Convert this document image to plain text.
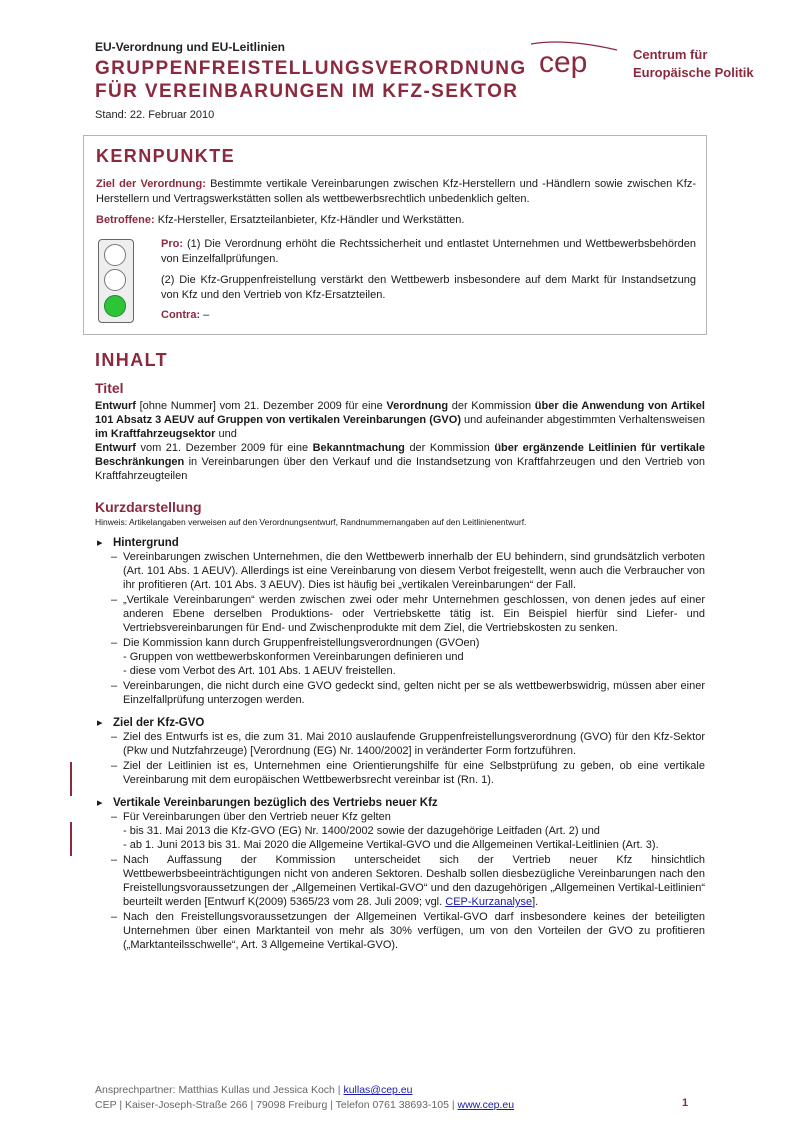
EU-Verordnung und EU-Leitlinien
GRUPPENFREISTELLUNGSVERORDNUNG
FÜR VEREINBARUNGEN IM KFZ-SEKTOR
Stand: 22. Februar 2010
cep	Centrum für
Europäische Politik
KERNPUNKTE
Ziel der Verordnung: Bestimmte vertikale Vereinbarungen zwischen Kfz-Herstellern und -Händlern sowie zwischen Kfz-Herstellern und Vertragswerkstätten sollen als wettbewerbsrechtlich unbedenklich gelten.
Betroffene: Kfz-Hersteller, Ersatzteilanbieter, Kfz-Händler und Werkstätten.
Pro: (1) Die Verordnung erhöht die Rechtssicherheit und entlastet Unternehmen und Wettbewerbsbehörden von Einzelfallprüfungen.
(2) Die Kfz-Gruppenfreistellung verstärkt den Wettbewerb insbesondere auf dem Markt für Instandsetzung von Kfz und den Vertrieb von Kfz-Ersatzteilen.
Contra: –
INHALT
Titel
Entwurf [ohne Nummer] vom 21. Dezember 2009 für eine Verordnung der Kommission über die Anwendung von Artikel 101 Absatz 3 AEUV auf Gruppen von vertikalen Vereinbarungen (GVO) und aufeinander abgestimmten Verhaltensweisen im Kraftfahrzeugsektor und
Entwurf vom 21. Dezember 2009 für eine Bekanntmachung der Kommission über ergänzende Leitlinien für vertikale Beschränkungen in Vereinbarungen über den Verkauf und die Instandsetzung von Kraftfahrzeugen und den Vertrieb von Kraftfahrzeugteilen
Kurzdarstellung
Hinweis: Artikelangaben verweisen auf den Verordnungsentwurf, Randnummernangaben auf den Leitlinienentwurf.
▸ Hintergrund
– Vereinbarungen zwischen Unternehmen, die den Wettbewerb innerhalb der EU behindern, sind grundsätzlich verboten (Art. 101 Abs. 1 AEUV). Allerdings ist eine Vereinbarung von diesem Verbot freigestellt, wenn auch die Verbraucher von ihr profitieren (Art. 101 Abs. 3 AEUV). Dies ist häufig bei „vertikalen Vereinbarungen“ der Fall.
– „Vertikale Vereinbarungen“ werden zwischen zwei oder mehr Unternehmen geschlossen, von denen jedes auf einer anderen Ebene derselben Produktions- oder Vertriebskette tätig ist. Ein Beispiel hierfür sind Liefer- und Vertriebsvereinbarungen für End- und Zwischenprodukte mit dem Ziel, die Vertriebskosten zu senken.
– Die Kommission kann durch Gruppenfreistellungsverordnungen (GVOen)
- Gruppen von wettbewerbskonformen Vereinbarungen definieren und
- diese vom Verbot des Art. 101 Abs. 1 AEUV freistellen.
– Vereinbarungen, die nicht durch eine GVO gedeckt sind, gelten nicht per se als wettbewerbswidrig, müssen aber einer Einzelfallprüfung unterzogen werden.
▸ Ziel der Kfz-GVO
– Ziel des Entwurfs ist es, die zum 31. Mai 2010 auslaufende Gruppenfreistellungsverordnung (GVO) für den Kfz-Sektor (Pkw und Nutzfahrzeuge) [Verordnung (EG) Nr. 1400/2002] in veränderter Form fortzuführen.
– Ziel der Leitlinien ist es, Unternehmen eine Orientierungshilfe für eine Selbstprüfung zu geben, ob eine vertikale Vereinbarung mit dem europäischen Wettbewerbsrecht vereinbar ist (Rn. 1).
▸ Vertikale Vereinbarungen bezüglich des Vertriebs neuer Kfz
– Für Vereinbarungen über den Vertrieb neuer Kfz gelten
- bis 31. Mai 2013 die Kfz-GVO (EG) Nr. 1400/2002 sowie der dazugehörige Leitfaden (Art. 2) und
- ab 1. Juni 2013 bis 31. Mai 2020 die Allgemeine Vertikal-GVO und die Allgemeinen Vertikal-Leitlinien (Art. 3).
– Nach Auffassung der Kommission unterscheidet sich der Vertrieb neuer Kfz hinsichtlich Wettbewerbsbeeinträchtigungen nicht von anderen Sektoren. Deshalb sollen diesbezügliche Vereinbarungen nach den Freistellungsvoraussetzungen der „Allgemeinen Vertikal-GVO“ und den dazugehörigen „Allgemeinen Vertikal-Leitlinien“ beurteilt werden [Entwurf K(2009) 5365/23 vom 28. Juli 2009; vgl. CEP-Kurzanalyse].
– Nach den Freistellungsvoraussetzungen der Allgemeinen Vertikal-GVO darf insbesondere keines der beteiligten Unternehmen über einen Marktanteil von mehr als 30% verfügen, um von den Vorteilen der GVO zu profitieren („Marktanteilsschwelle“, Art. 3 Allgemeine Vertikal-GVO).
Ansprechpartner: Matthias Kullas und Jessica Koch | kullas@cep.eu
CEP | Kaiser-Joseph-Straße 266 | 79098 Freiburg | Telefon 0761 38693-105 | www.cep.eu	1
